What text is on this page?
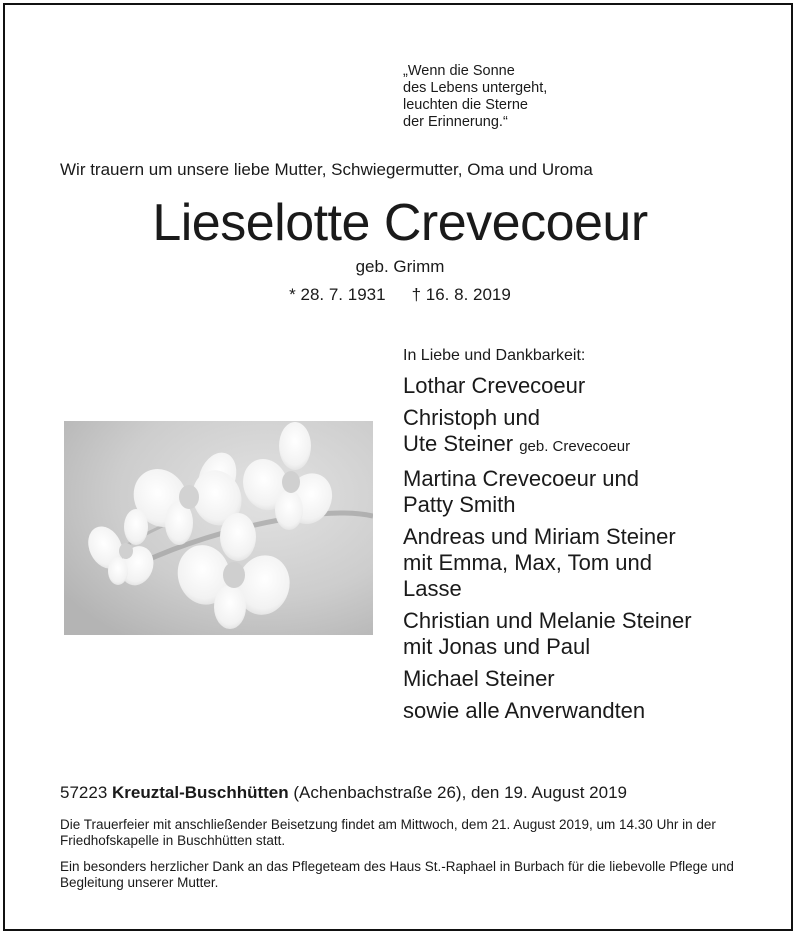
„Wenn die Sonne
des Lebens untergeht,
leuchten die Sterne
der Erinnerung.“
Wir trauern um unsere liebe Mutter, Schwiegermutter, Oma und Uroma
Lieselotte Crevecoeur
geb. Grimm
* 28. 7. 1931 † 16. 8. 2019
In Liebe und Dankbarkeit:
Lothar Crevecoeur
Christoph und
Ute Steiner geb. Crevecoeur
Martina Crevecoeur und
Patty Smith
Andreas und Miriam Steiner
mit Emma, Max, Tom und
Lasse
Christian und Melanie Steiner
mit Jonas und Paul
Michael Steiner
sowie alle Anverwandten
57223 Kreuztal-Buschhütten (Achenbachstraße 26), den 19. August 2019
Die Trauerfeier mit anschließender Beisetzung findet am Mittwoch, dem 21. August 2019, um 14.30 Uhr in der Friedhofskapelle in Buschhütten statt.
Ein besonders herzlicher Dank an das Pflegeteam des Haus St.-Raphael in Burbach für die liebevolle Pflege und Begleitung unserer Mutter.
